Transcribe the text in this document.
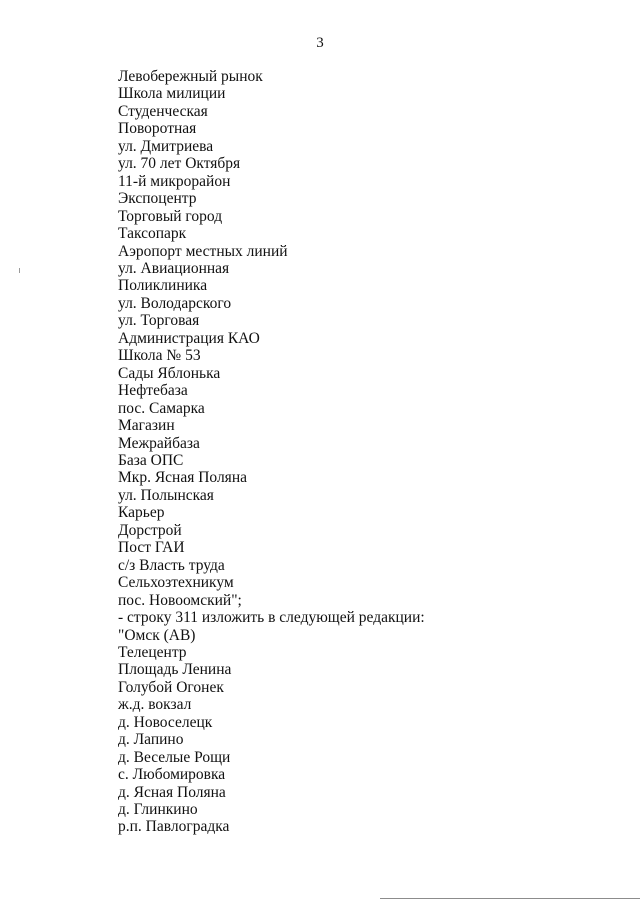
3
Левобережный рынок
Школа милиции
Студенческая
Поворотная
ул. Дмитриева
ул. 70 лет Октября
11-й микрорайон
Экспоцентр
Торговый город
Таксопарк
Аэропорт местных линий
ул. Авиационная
Поликлиника
ул. Володарского
ул. Торговая
Администрация КАО
Школа № 53
Сады Яблонька
Нефтебаза
пос. Самарка
Магазин
Межрайбаза
База ОПС
Мкр. Ясная Поляна
ул. Полынская
Карьер
Дорстрой
Пост ГАИ
с/з Власть труда
Сельхозтехникум
пос. Новоомский";
- строку 311 изложить в следующей редакции:
"Омск (АВ)
Телецентр
Площадь Ленина
Голубой Огонек
ж.д. вокзал
д. Новоселецк
д. Лапино
д. Веселые Рощи
с. Любомировка
д. Ясная Поляна
д. Глинкино
р.п. Павлоградка
